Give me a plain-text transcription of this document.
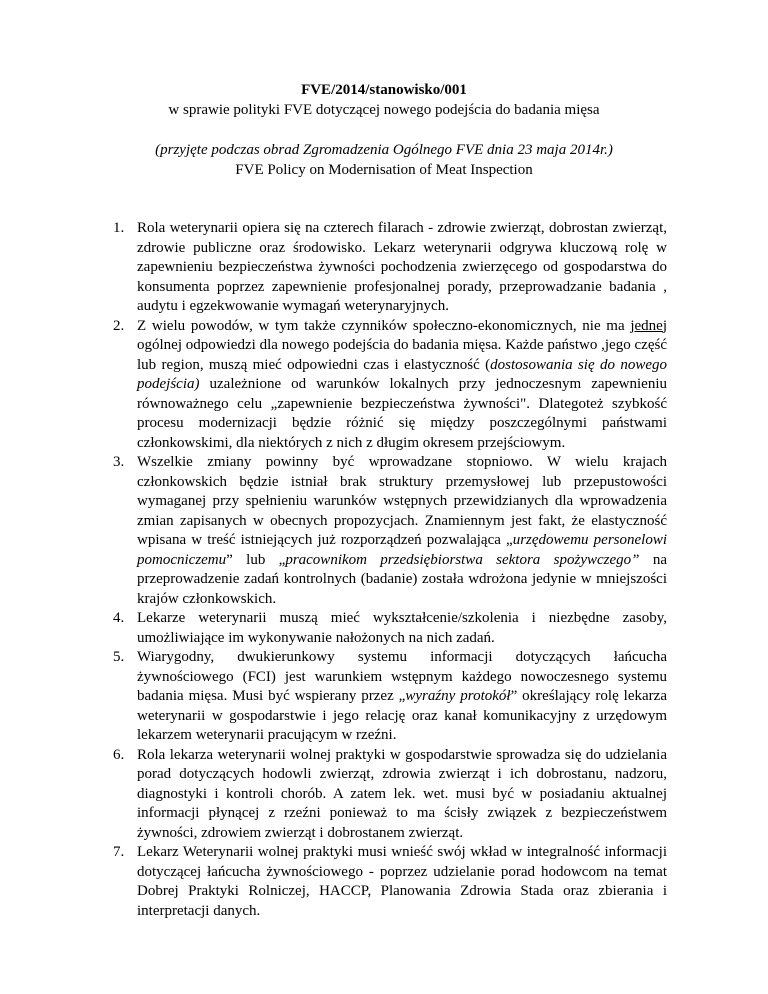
FVE/2014/stanowisko/001
w sprawie polityki FVE dotyczącej nowego podejścia do badania mięsa
(przyjęte podczas obrad Zgromadzenia Ogólnego FVE dnia 23 maja 2014r.)
FVE Policy on Modernisation of Meat Inspection
1. Rola weterynarii opiera się na czterech filarach - zdrowie zwierząt, dobrostan zwierząt, zdrowie publiczne oraz środowisko. Lekarz weterynarii odgrywa kluczową rolę w zapewnieniu bezpieczeństwa żywności pochodzenia zwierzęcego od gospodarstwa do konsumenta poprzez zapewnienie profesjonalnej porady, przeprowadzanie badania , audytu i egzekwowanie wymagań weterynaryjnych.
2. Z wielu powodów, w tym także czynników społeczno-ekonomicznych, nie ma jednej ogólnej odpowiedzi dla nowego podejścia do badania mięsa. Każde państwo ,jego część lub region, muszą mieć odpowiedni czas i elastyczność (dostosowania się do nowego podejścia) uzależnione od warunków lokalnych przy jednoczesnym zapewnieniu równoważnego celu „zapewnienie bezpieczeństwa żywności". Dlategoteż szybkość procesu modernizacji będzie różnić się między poszczególnymi państwami członkowskimi, dla niektórych z nich z długim okresem przejściowym.
3. Wszelkie zmiany powinny być wprowadzane stopniowo. W wielu krajach członkowskich będzie istniał brak struktury przemysłowej lub przepustowości wymaganej przy spełnieniu warunków wstępnych przewidzianych dla wprowadzenia zmian zapisanych w obecnych propozycjach. Znamiennym jest fakt, że elastyczność wpisana w treść istniejących już rozporządzeń pozwalająca „urzędowemu personelowi pomocniczemu” lub „pracownikom przedsiębiorstwa sektora spożywczego” na przeprowadzenie zadań kontrolnych (badanie) została wdrożona jedynie w mniejszości krajów członkowskich.
4. Lekarze weterynarii muszą mieć wykształcenie/szkolenia i niezbędne zasoby, umożliwiające im wykonywanie nałożonych na nich zadań.
5. Wiarygodny, dwukierunkowy systemu informacji dotyczących łańcucha żywnościowego (FCI) jest warunkiem wstępnym każdego nowoczesnego systemu badania mięsa. Musi być wspierany przez „wyraźny protokół” określający rolę lekarza weterynarii w gospodarstwie i jego relację oraz kanał komunikacyjny z urzędowym lekarzem weterynarii pracującym w rzeźni.
6. Rola lekarza weterynarii wolnej praktyki w gospodarstwie sprowadza się do udzielania porad dotyczących hodowli zwierząt, zdrowia zwierząt i ich dobrostanu, nadzoru, diagnostyki i kontroli chorób. A zatem lek. wet. musi być w posiadaniu aktualnej informacji płynącej z rzeźni ponieważ to ma ścisły związek z bezpieczeństwem żywności, zdrowiem zwierząt i dobrostanem zwierząt.
7. Lekarz Weterynarii wolnej praktyki musi wnieść swój wkład w integralność informacji dotyczącej łańcucha żywnościowego - poprzez udzielanie porad hodowcom na temat Dobrej Praktyki Rolniczej, HACCP, Planowania Zdrowia Stada oraz zbierania i interpretacji danych.
